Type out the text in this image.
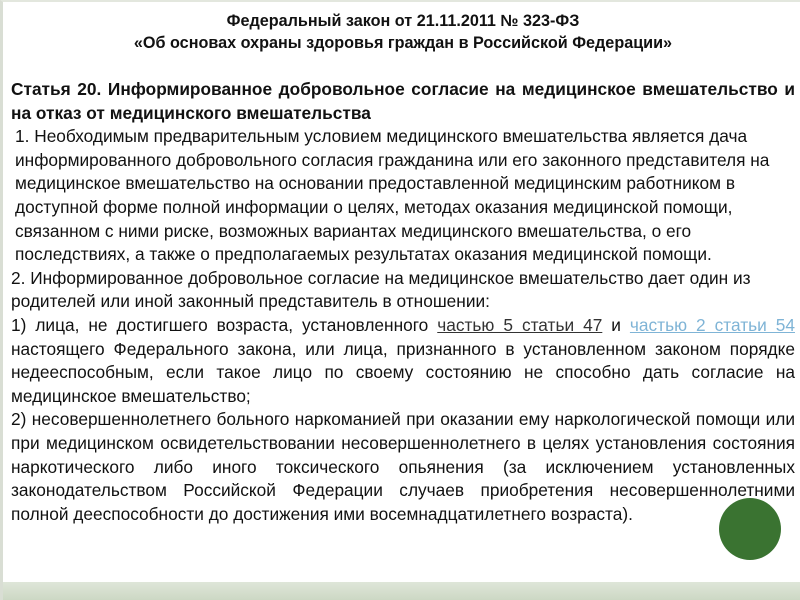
Федеральный закон от 21.11.2011 № 323-ФЗ

«Об основах охраны здоровья граждан в Российской Федерации»

Статья 20. Информированное добровольное согласие на медицинское вмешательство и на отказ от медицинского вмешательства

1. Необходимым предварительным условием медицинского вмешательства является дача информированного добровольного согласия гражданина или его законного представителя на медицинское вмешательство на основании предоставленной медицинским работником в доступной форме полной информации о целях, методах оказания медицинской помощи, связанном с ними риске, возможных вариантах медицинского вмешательства, о его последствиях, а также о предполагаемых результатах оказания медицинской помощи.

2. Информированное добровольное согласие на медицинское вмешательство дает один из родителей или иной законный представитель в отношении:

1) лица, не достигшего возраста, установленного частью 5 статьи 47 и частью 2 статьи 54 настоящего Федерального закона, или лица, признанного в установленном законом порядке недееспособным, если такое лицо по своему состоянию не способно дать согласие на медицинское вмешательство;

2) несовершеннолетнего больного наркоманией при оказании ему наркологической помощи или при медицинском освидетельствовании несовершеннолетнего в целях установления состояния наркотического либо иного токсического опьянения (за исключением установленных законодательством Российской Федерации случаев приобретения несовершеннолетними полной дееспособности до достижения ими восемнадцатилетнего возраста).
